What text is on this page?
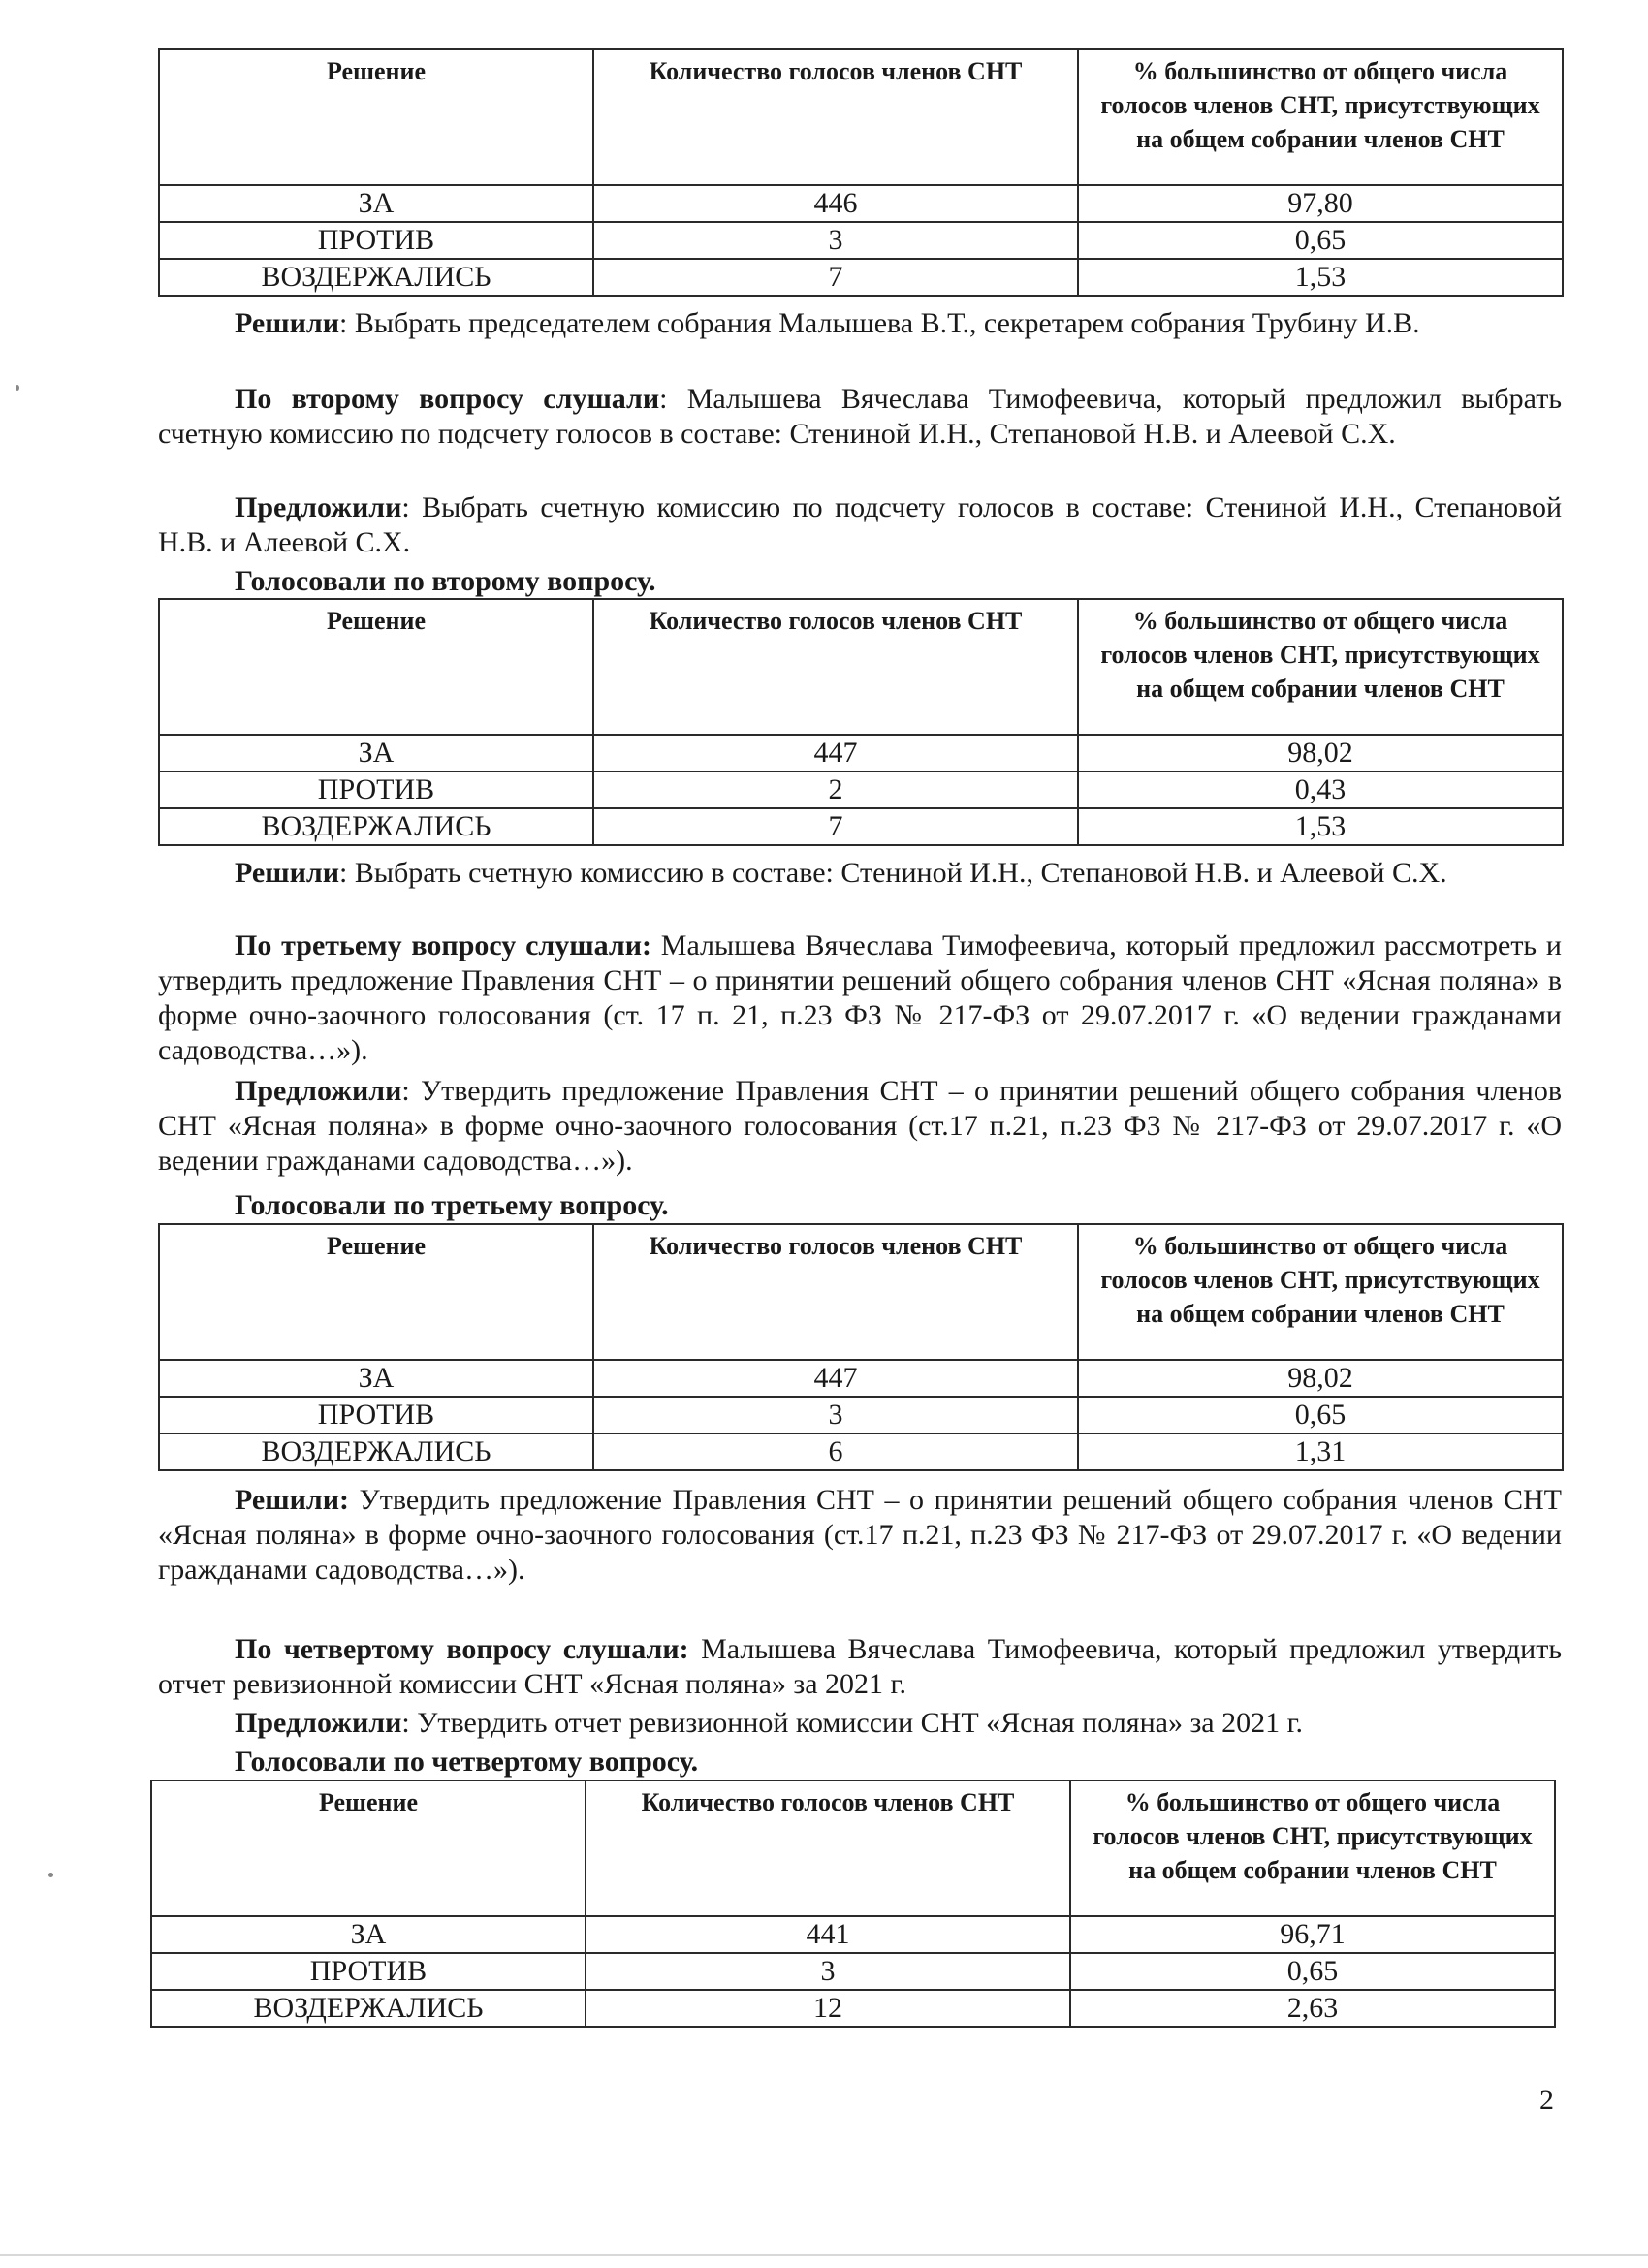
Решение	Количество голосов членов СНТ	% большинство от общего числа голосов членов СНТ, присутствующих на общем собрании членов СНТ
ЗА	446	97,80
ПРОТИВ	3	0,65
ВОЗДЕРЖАЛИСЬ	7	1,53
Решили: Выбрать председателем собрания Малышева В.Т., секретарем собрания Трубину И.В.
По второму вопросу слушали: Малышева Вячеслава Тимофеевича, который предложил выбрать счетную комиссию по подсчету голосов в составе: Стениной И.Н., Степановой Н.В. и Алеевой С.Х.
Предложили: Выбрать счетную комиссию по подсчету голосов в составе: Стениной И.Н., Степановой Н.В. и Алеевой С.Х.
Голосовали по второму вопросу.
Решение	Количество голосов членов СНТ	% большинство от общего числа голосов членов СНТ, присутствующих на общем собрании членов СНТ
ЗА	447	98,02
ПРОТИВ	2	0,43
ВОЗДЕРЖАЛИСЬ	7	1,53
Решили: Выбрать счетную комиссию в составе: Стениной И.Н., Степановой Н.В. и Алеевой С.Х.
По третьему вопросу слушали: Малышева Вячеслава Тимофеевича, который предложил рассмотреть и утвердить предложение Правления СНТ – о принятии решений общего собрания членов СНТ «Ясная поляна» в форме очно-заочного голосования (ст. 17 п. 21, п.23 ФЗ № 217-ФЗ от 29.07.2017 г. «О ведении гражданами садоводства…»).
Предложили: Утвердить предложение Правления СНТ – о принятии решений общего собрания членов СНТ «Ясная поляна» в форме очно-заочного голосования (ст.17 п.21, п.23 ФЗ № 217-ФЗ от 29.07.2017 г. «О ведении гражданами садоводства…»).
Голосовали по третьему вопросу.
Решение	Количество голосов членов СНТ	% большинство от общего числа голосов членов СНТ, присутствующих на общем собрании членов СНТ
ЗА	447	98,02
ПРОТИВ	3	0,65
ВОЗДЕРЖАЛИСЬ	6	1,31
Решили: Утвердить предложение Правления СНТ – о принятии решений общего собрания членов СНТ «Ясная поляна» в форме очно-заочного голосования (ст.17 п.21, п.23 ФЗ № 217-ФЗ от 29.07.2017 г. «О ведении гражданами садоводства…»).
По четвертому вопросу слушали: Малышева Вячеслава Тимофеевича, который предложил утвердить отчет ревизионной комиссии СНТ «Ясная поляна» за 2021 г.
Предложили: Утвердить отчет ревизионной комиссии СНТ «Ясная поляна» за 2021 г.
Голосовали по четвертому вопросу.
Решение	Количество голосов членов СНТ	% большинство от общего числа голосов членов СНТ, присутствующих на общем собрании членов СНТ
ЗА	441	96,71
ПРОТИВ	3	0,65
ВОЗДЕРЖАЛИСЬ	12	2,63
2
